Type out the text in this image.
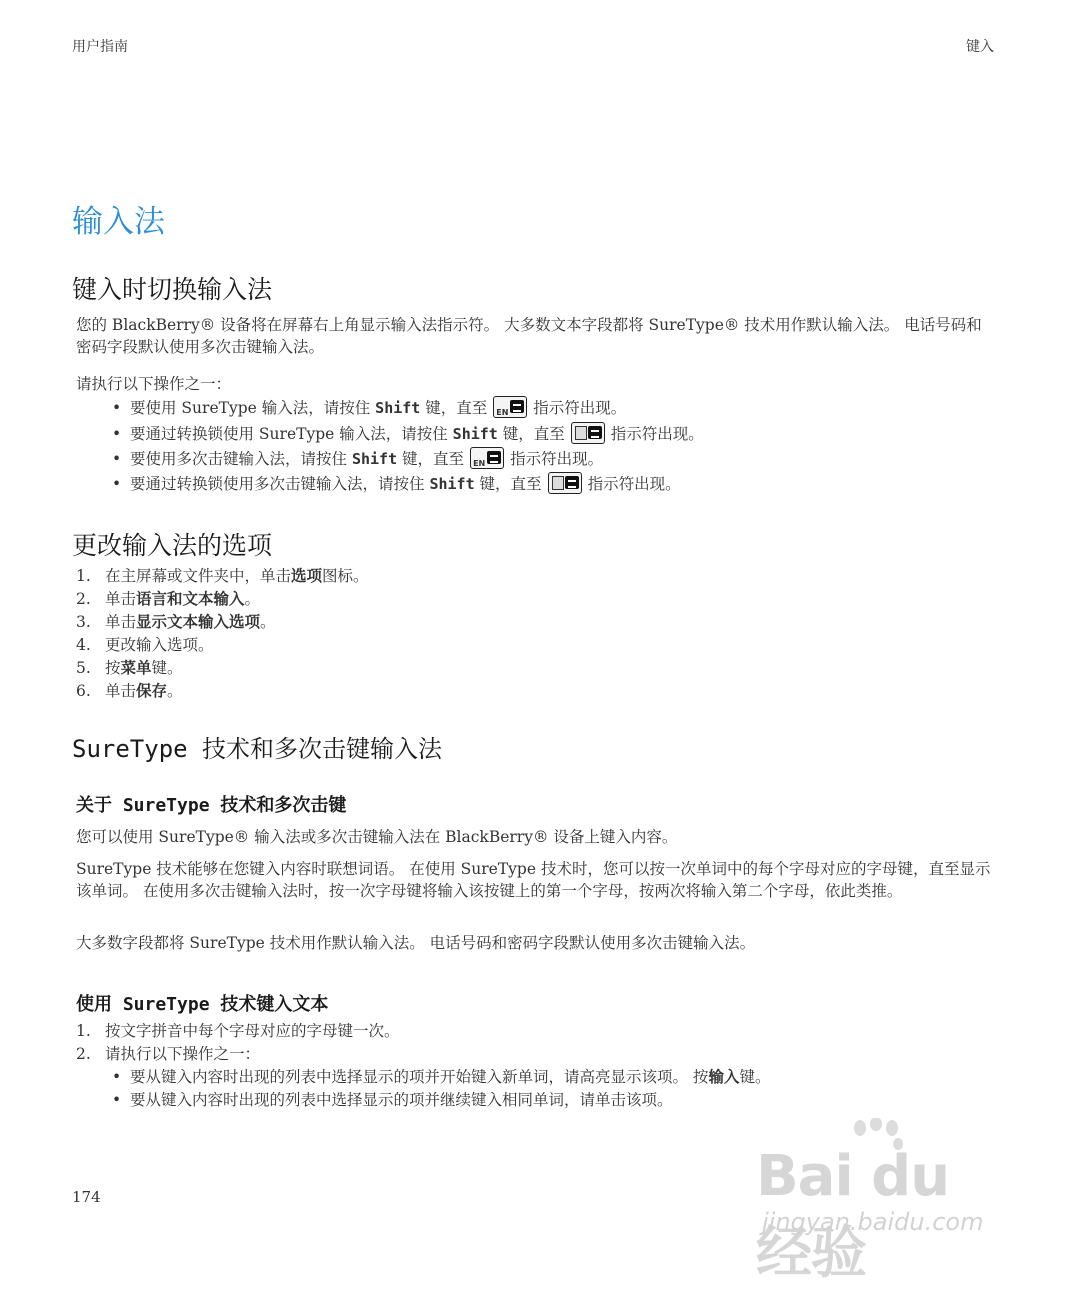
用户指南	键入
输入法
键入时切换输入法
您的 BlackBerry® 设备将在屏幕右上角显示输入法指示符。 大多数文本字段都将 SureType® 技术用作默认输入法。 电话号码和密码字段默认使用多次击键输入法。
请执行以下操作之一：
• 要使用 SureType 输入法，请按住 Shift 键，直至 EN 指示符出现。
• 要通过转换锁使用 SureType 输入法，请按住 Shift 键，直至	指示符出现。
• 要使用多次击键输入法，请按住 Shift 键，直至 EN 指示符出现。
• 要通过转换锁使用多次击键输入法，请按住 Shift 键，直至	指示符出现。
更改输入法的选项
1. 在主屏幕或文件夹中，单击选项图标。
2. 单击语言和文本输入。
3. 单击显示文本输入选项。
4. 更改输入选项。
5. 按菜单键。
6. 单击保存。
SureType 技术和多次击键输入法
关于 SureType 技术和多次击键
您可以使用 SureType® 输入法或多次击键输入法在 BlackBerry® 设备上键入内容。
SureType 技术能够在您键入内容时联想词语。 在使用 SureType 技术时，您可以按一次单词中的每个字母对应的字母键，直至显示该单词。 在使用多次击键输入法时，按一次字母键将输入该按键上的第一个字母，按两次将输入第二个字母，依此类推。
大多数字段都将 SureType 技术用作默认输入法。 电话号码和密码字段默认使用多次击键输入法。
使用 SureType 技术键入文本
1. 按文字拼音中每个字母对应的字母键一次。
2. 请执行以下操作之一：
• 要从键入内容时出现的列表中选择显示的项并开始键入新单词，请高亮显示该项。 按输入键。
• 要从键入内容时出现的列表中选择显示的项并继续键入相同单词，请单击该项。
174	Bai du 经验
jingyan.baidu.com
